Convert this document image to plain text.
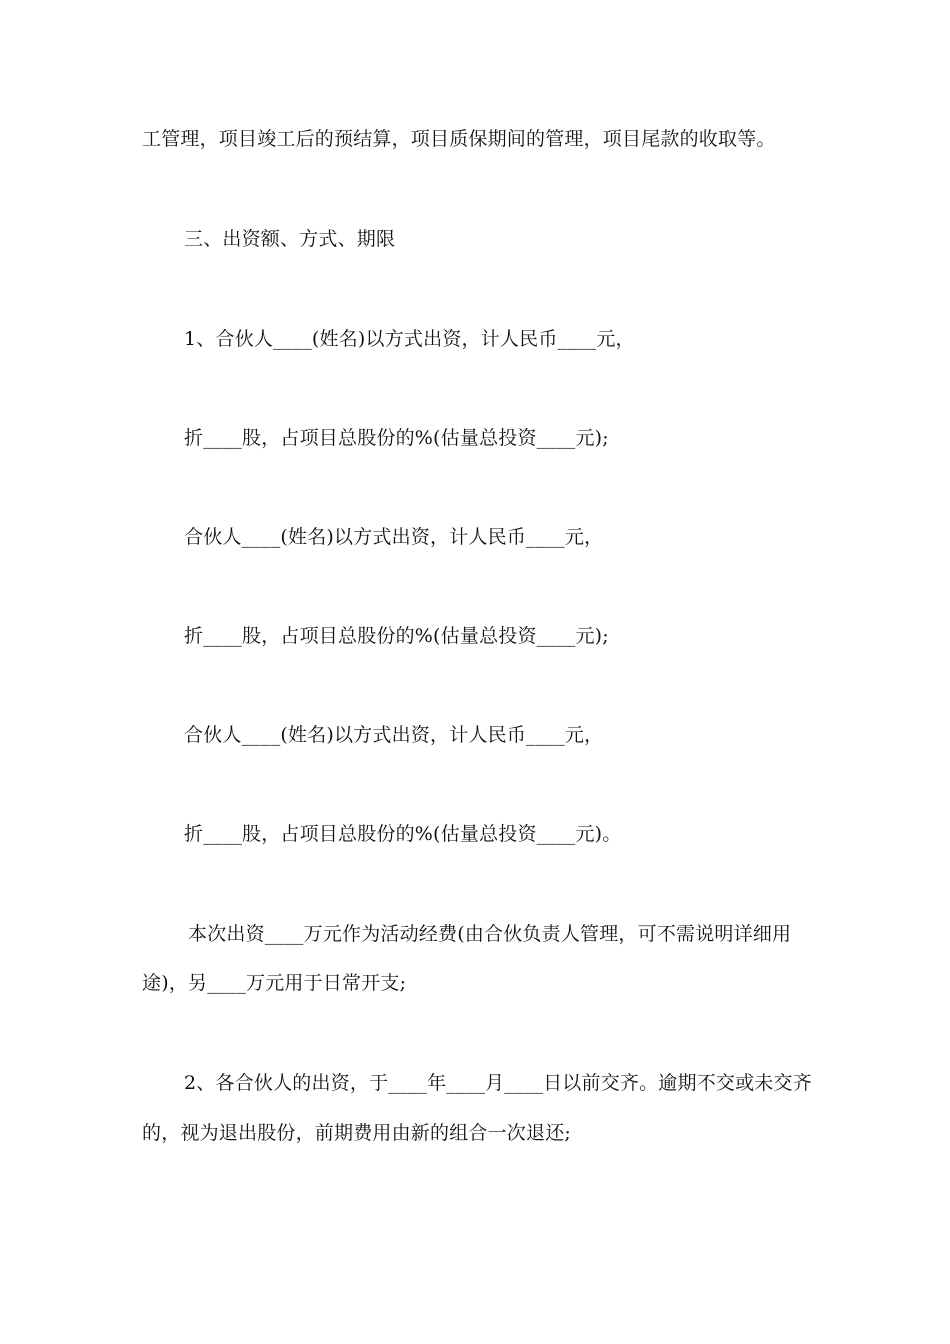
工管理，项目竣工后的预结算，项目质保期间的管理，项目尾款的收取等。
三、出资额、方式、期限
1、合伙人____(姓名)以方式出资，计人民币____元，
折____股，占项目总股份的%(估量总投资____元);
合伙人____(姓名)以方式出资，计人民币____元，
折____股，占项目总股份的%(估量总投资____元);
合伙人____(姓名)以方式出资，计人民币____元，
折____股，占项目总股份的%(估量总投资____元)。
本次出资____万元作为活动经费(由合伙负责人管理，可不需说明详细用
途)，另____万元用于日常开支;
2、各合伙人的出资，于____年____月____日以前交齐。逾期不交或未交齐
的，视为退出股份，前期费用由新的组合一次退还;
